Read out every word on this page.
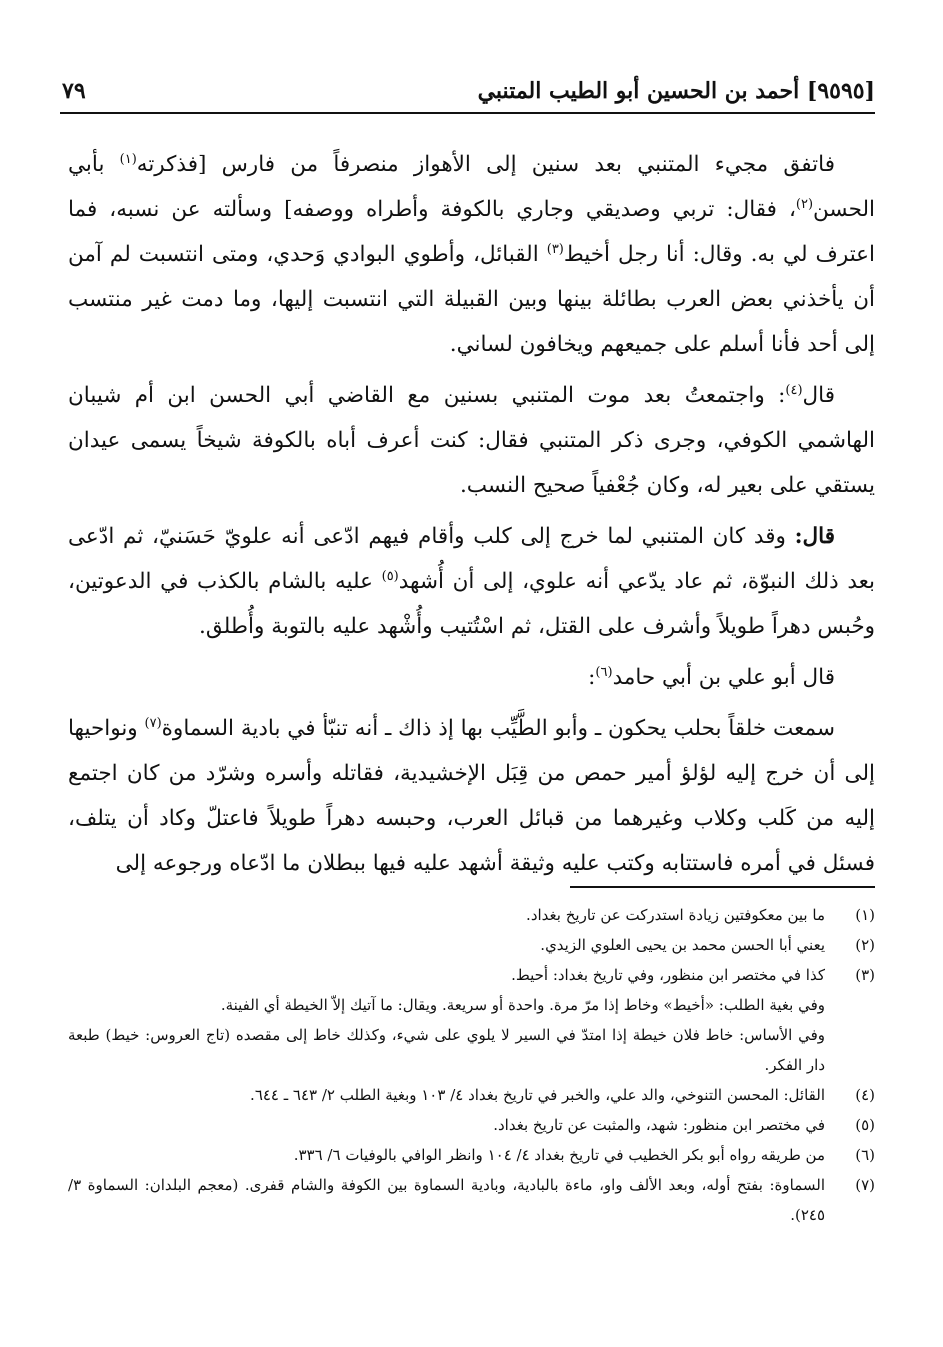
٧٩	[٩٥٩٥] أحمد بن الحسين أبو الطيب المتنبي

فاتفق مجيء المتنبي بعد سنين إلى الأهواز منصرفاً من فارس [فذكرته$^{(١)}$ بأبي الحسن$^{(٢)}$، فقال: تربي وصديقي وجاري بالكوفة وأطراه ووصفه] وسألته عن نسبه، فما اعترف لي به. وقال: أنا رجل أخيط$^{(٣)}$ القبائل، وأطوي البوادي وَحدي، ومتى انتسبت لم آمن أن يأخذني بعض العرب بطائلة بينها وبين القبيلة التي انتسبت إليها، وما دمت غير منتسب إلى أحد فأنا أسلم على جميعهم ويخافون لساني.

قال$^{(٤)}$: واجتمعتُ بعد موت المتنبي بسنين مع القاضي أبي الحسن ابن أم شيبان الهاشمي الكوفي، وجرى ذكر المتنبي فقال: كنت أعرف أباه بالكوفة شيخاً يسمى عيدان يستقي على بعير له، وكان جُعْفياً صحيح النسب.

قال: وقد كان المتنبي لما خرج إلى كلب وأقام فيهم ادّعى أنه علويّ حَسَنيّ، ثم ادّعى بعد ذلك النبوّة، ثم عاد يدّعي أنه علوي، إلى أن أُشهد$^{(٥)}$ عليه بالشام بالكذب في الدعوتين، وحُبس دهراً طويلاً وأشرف على القتل، ثم اسْتُتيب وأُشْهد عليه بالتوبة وأُطلق.

قال أبو علي بن أبي حامد$^{(٦)}$:

سمعت خلقاً بحلب يحكون ـ وأبو الطَّيِّب بها إذ ذاك ـ أنه تنبّأ في بادية السماوة$^{(٧)}$ ونواحيها إلى أن خرج إليه لؤلؤ أمير حمص من قِبَل الإخشيدية، فقاتله وأسره وشرّد من كان اجتمع إليه من كَلب وكلاب وغيرهما من قبائل العرب، وحبسه دهراً طويلاً فاعتلّ وكاد أن يتلف، فسئل في أمره فاستتابه وكتب عليه وثيقة أشهد عليه فيها ببطلان ما ادّعاه ورجوعه إلى

(١)
ما بين معكوفتين زيادة استدركت عن تاريخ بغداد.

(٢)
يعني أبا الحسن محمد بن يحيى العلوي الزيدي.

(٣)
كذا في مختصر ابن منظور، وفي تاريخ بغداد: أحيط.
وفي بغية الطلب: «أخيط» وخاط إذا مرّ مرة. واحدة أو سريعة. ويقال: ما آتيك إلاّ الخيطة أي الفينة.
وفي الأساس: خاط فلان خيطة إذا امتدّ في السير لا يلوي على شيء، وكذلك خاط إلى مقصده (تاج العروس: خيط) طبعة دار الفكر.

(٤)
القائل: المحسن التنوخي، والد علي، والخبر في تاريخ بغداد ٤/ ١٠٣ وبغية الطلب ٢/ ٦٤٣ ـ ٦٤٤.

(٥)
في مختصر ابن منظور: شهد، والمثبت عن تاريخ بغداد.

(٦)
من طريقه رواه أبو بكر الخطيب في تاريخ بغداد ٤/ ١٠٤ وانظر الوافي بالوفيات ٦/ ٣٣٦.

(٧)
السماوة: بفتح أوله، وبعد الألف واو، ماءة بالبادية، وبادية السماوة بين الكوفة والشام قفرى. (معجم البلدان: السماوة ٣/ ٢٤٥).
